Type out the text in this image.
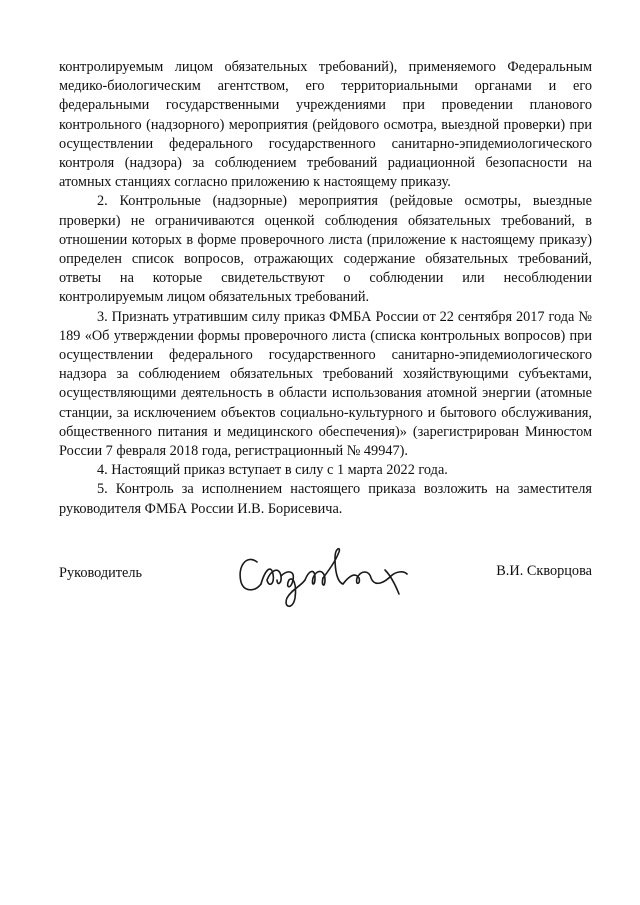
контролируемым лицом обязательных требований), применяемого Федеральным медико-биологическим агентством, его территориальными органами и его федеральными государственными учреждениями при проведении планового контрольного (надзорного) мероприятия (рейдового осмотра, выездной проверки) при осуществлении федерального государственного санитарно-эпидемиологического контроля (надзора) за соблюдением требований радиационной безопасности на атомных станциях согласно приложению к настоящему приказу.

2. Контрольные (надзорные) мероприятия (рейдовые осмотры, выездные проверки) не ограничиваются оценкой соблюдения обязательных требований, в отношении которых в форме проверочного листа (приложение к настоящему приказу) определен список вопросов, отражающих содержание обязательных требований, ответы на которые свидетельствуют о соблюдении или несоблюдении контролируемым лицом обязательных требований.

3. Признать утратившим силу приказ ФМБА России от 22 сентября 2017 года № 189 «Об утверждении формы проверочного листа (списка контрольных вопросов) при осуществлении федерального государственного санитарно-эпидемиологического надзора за соблюдением обязательных требований хозяйствующими субъектами, осуществляющими деятельность в области использования атомной энергии (атомные станции, за исключением объектов социально-культурного и бытового обслуживания, общественного питания и медицинского обеспечения)» (зарегистрирован Минюстом России 7 февраля 2018 года, регистрационный № 49947).

4. Настоящий приказ вступает в силу с 1 марта 2022 года.

5. Контроль за исполнением настоящего приказа возложить на заместителя руководителя ФМБА России И.В. Борисевича.

Руководитель	В.И. Скворцова
